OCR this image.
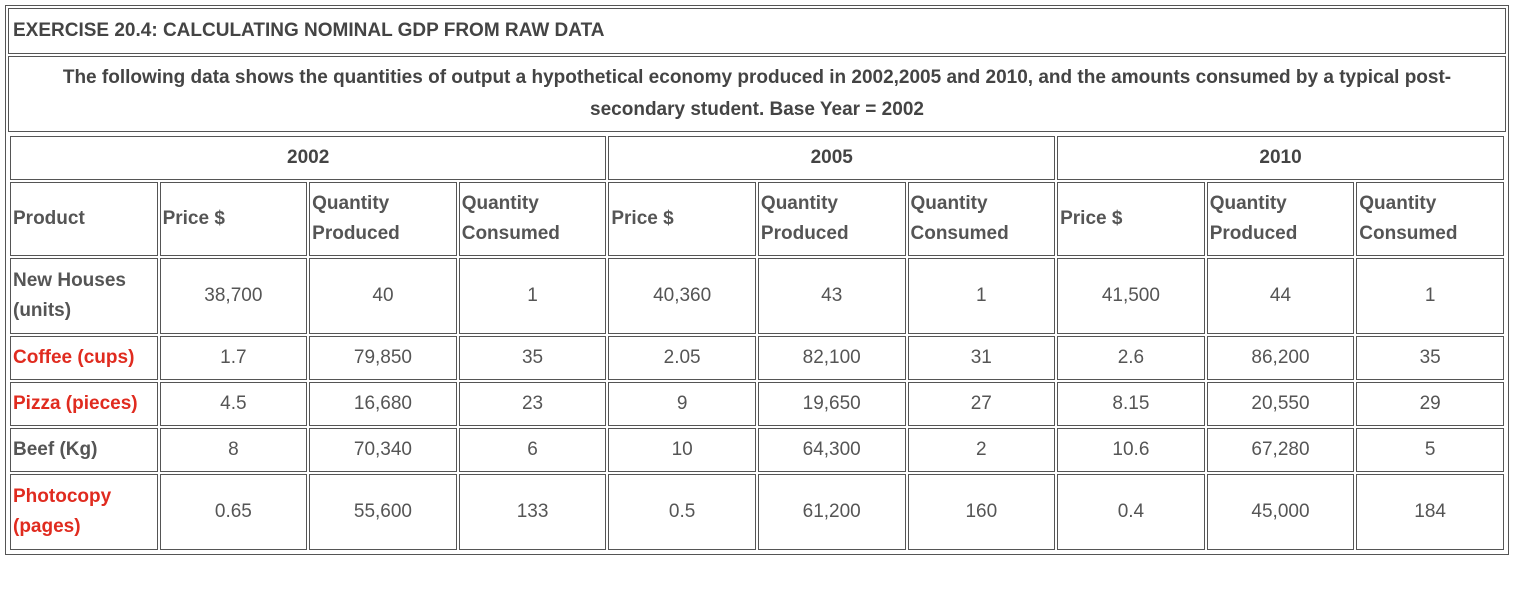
EXERCISE 20.4: CALCULATING NOMINAL GDP FROM RAW DATA
The following data shows the quantities of output a hypothetical economy produced in 2002,2005 and 2010, and the amounts consumed by a typical post-secondary student. Base Year = 2002

2002	2005	2010
Product	Price $	Quantity Produced	Quantity Consumed	Price $	Quantity Produced	Quantity Consumed	Price $	Quantity Produced	Quantity Consumed
New Houses (units)	38,700	40	1	40,360	43	1	41,500	44	1
Coffee (cups)	1.7	79,850	35	2.05	82,100	31	2.6	86,200	35
Pizza (pieces)	4.5	16,680	23	9	19,650	27	8.15	20,550	29
Beef (Kg)	8	70,340	6	10	64,300	2	10.6	67,280	5
Photocopy (pages)	0.65	55,600	133	0.5	61,200	160	0.4	45,000	184
